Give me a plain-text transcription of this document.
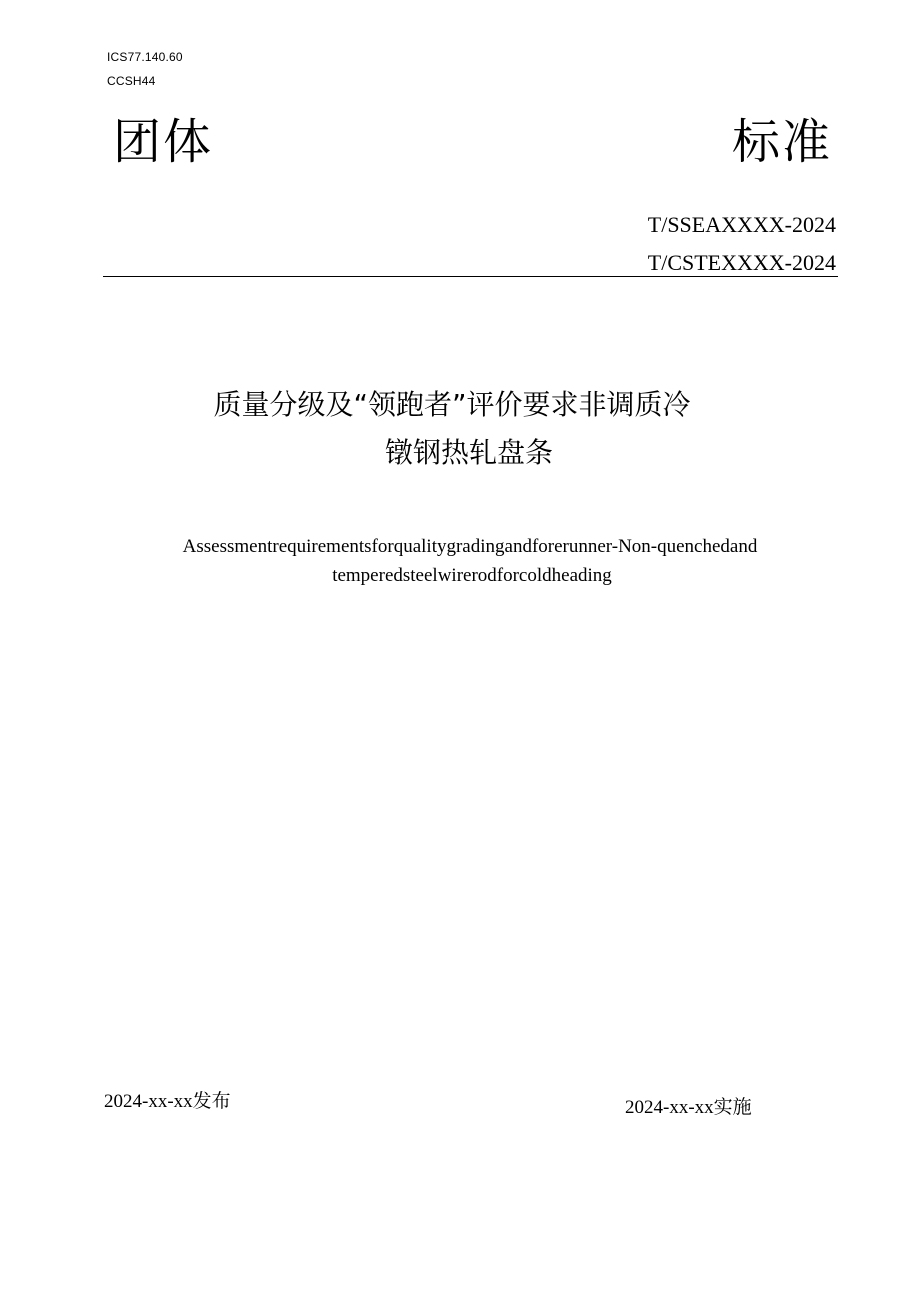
ICS77.140.60
CCSH44
团体	标准
T/SSEAXXXX-2024
T/CSTEXXXX-2024
质量分级及“领跑者”评价要求非调质冷
镦钢热轧盘条
Assessmentrequirementsforqualitygradingandforerunner-Non-quenchedand
temperedsteelwirerodforcoldheading
2024-xx-xx发布	2024-xx-xx实施
